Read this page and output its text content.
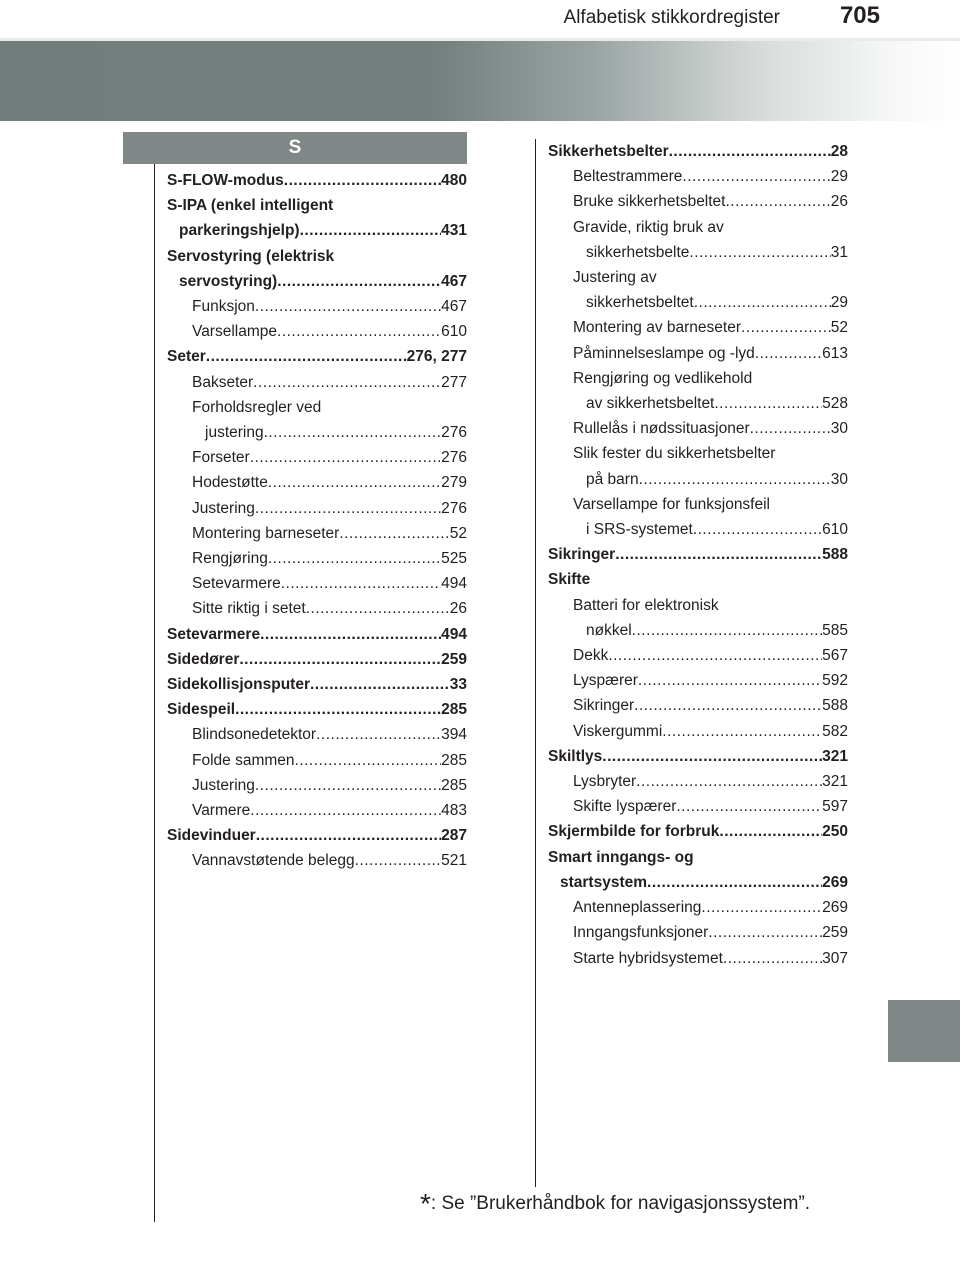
Alfabetisk stikkordregister 705
S
S-FLOW-modus .....	480
S-IPA (enkel intelligent
parkeringshjelp) .....	431
Servostyring (elektrisk
servostyring) .....	467
Funksjon .....	467
Varsellampe .....	610
Seter .....	276, 277
Bakseter .....	277
Forholdsregler ved
justering .....	276
Forseter .....	276
Hodestøtte .....	279
Justering .....	276
Montering barneseter .....	52
Rengjøring .....	525
Setevarmere .....	494
Sitte riktig i setet .....	26
Setevarmere .....	494
Sidedører .....	259
Sidekollisjonsputer .....	33
Sidespeil .....	285
Blindsonedetektor .....	394
Folde sammen .....	285
Justering .....	285
Varmere .....	483
Sidevinduer .....	287
Vannavstøtende belegg .....	521
Sikkerhetsbelter .....	28
Beltestrammere .....	29
Bruke sikkerhetsbeltet .....	26
Gravide, riktig bruk av
sikkerhetsbelte .....	31
Justering av
sikkerhetsbeltet .....	29
Montering av barneseter .....	52
Påminnelseslampe og -lyd .....	613
Rengjøring og vedlikehold
av sikkerhetsbeltet .....	528
Rullelås i nødssituasjoner .....	30
Slik fester du sikkerhetsbelter
på barn .....	30
Varsellampe for funksjonsfeil
i SRS-systemet .....	610
Sikringer .....	588
Skifte
Batteri for elektronisk
nøkkel .....	585
Dekk .....	567
Lyspærer .....	592
Sikringer .....	588
Viskergummi .....	582
Skiltlys .....	321
Lysbryter .....	321
Skifte lyspærer .....	597
Skjermbilde for forbruk .....	250
Smart inngangs- og
startsystem .....	269
Antenneplassering .....	269
Inngangsfunksjoner .....	259
Starte hybridsystemet .....	307
*: Se ”Brukerhåndbok for navigasjonssystem”.
